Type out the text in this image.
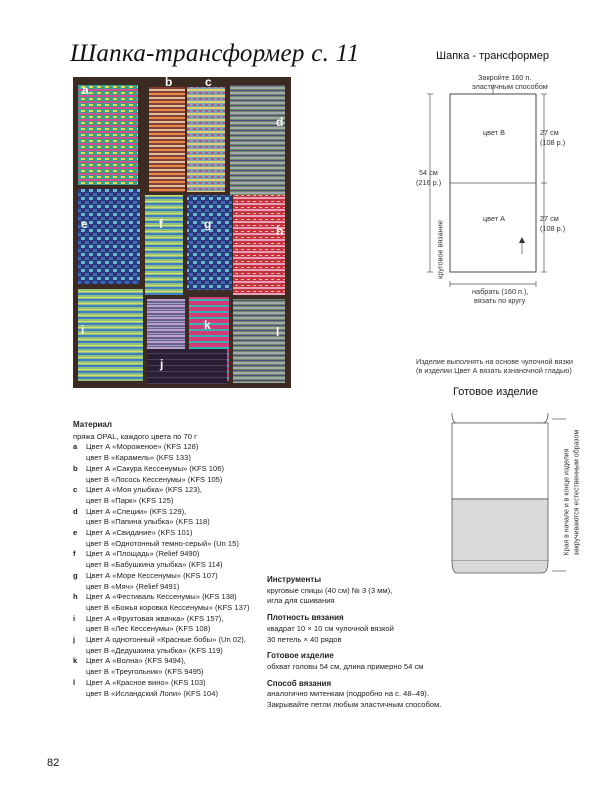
Шапка-трансформер с. 11
a
b	c
d
e	f	g	h
i
j
k	l
Шапка - трансформер
Закройте 160 п.
эластичным способом
цвет В
цвет А
27 см
(108 р.)
27 см
(108 р.)
54 см
(216 р.)
круговое вязание
набрать (160 п.),
вязать по кругу
Изделие выполнять на основе чулочной вязки
(в изделии Цвет А вязать изнаночной гладью)
Готовое изделие
Края в начале и в конце изделия закручиваются естественным образом
Материал
пряжа OPAL, каждого цвета по 70 г
a Цвет А «Мороженое» (KFS 128)
цвет В «Карамель» (KFS 133)
b Цвет А «Сакура Кессенумы» (KFS 106)
цвет В «Лосось Кессенумы» (KFS 105)
c Цвет А «Моя улыбка» (KFS 123),
цвет В «Парк» (KFS 125)
d Цвет А «Специи» (KFS 129),
цвет В «Папина улыбка» (KFS 118)
e Цвет А «Свидание» (KFS 101)
цвет В «Однотонный темно-серый» (Un 15)
f Цвет А «Площадь» (Relief 9490)
цвет В «Бабушкина улыбка» (KFS 114)
g Цвет А «Море Кессенумы» (KFS 107)
цвет В «Мяч» (Relief 9491)
h Цвет А «Фестиваль Кессенумы» (KFS 138)
цвет В «Божья коровка Кессенумы» (KFS 137)
i Цвет А «Фруктовая жвачка» (KFS 157),
цвет В «Лес Кессенумы» (KFS 108)
j Цвет А однотонный «Красные бобы» (Un 02),
цвет В «Дедушкина улыбка» (KFS 119)
k Цвет А «Волна» (KFS 9494),
цвет В «Треугольник» (KFS 9495)
l Цвет А «Красное вино» (KFS 103)
цвет В «Исландский Лопи» (KFS 104)
Инструменты
круговые спицы (40 см) № 3 (3 мм),
игла для сшивания
Плотность вязания
квадрат 10 × 10 см чулочной вязкой
30 петель × 40 рядов
Готовое изделие
обхват головы 54 см, длина примерно 54 см
Способ вязания
аналогично митенкам (подробно на с. 48–49).
Закрывайте петли любым эластичным способом.
82
